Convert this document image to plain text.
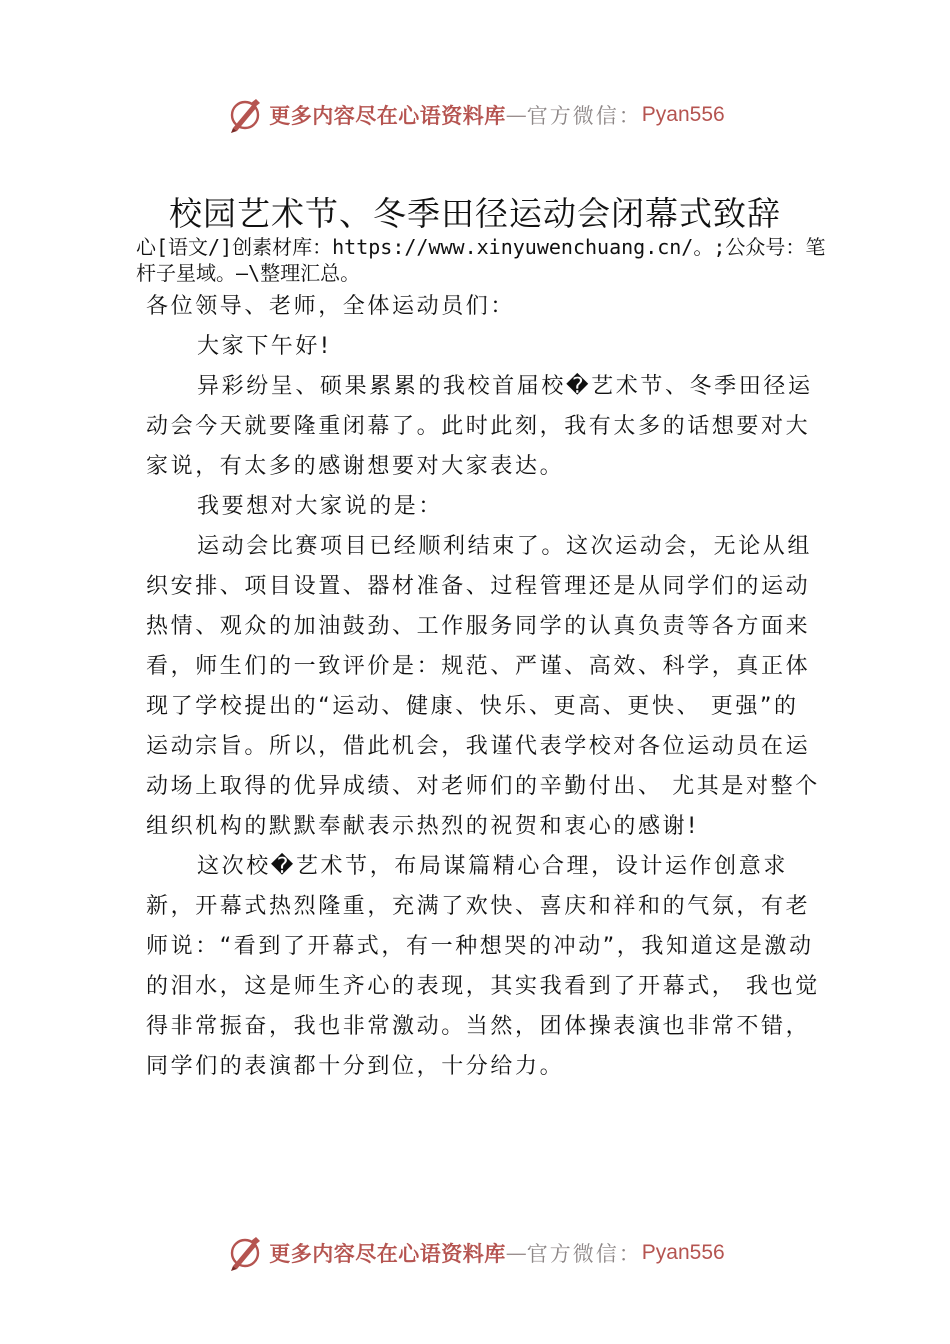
更多内容尽在心语资料库 — 官方微信： Pyan556
校园艺术节、冬季田径运动会闭幕式致辞
心[语文/]创素材库：https://www.xinyuwenchuang.cn/。;公众号：笔杆子星域。—\整理汇总。

各位领导、老师，全体运动员们：

大家下午好!

异彩纷呈、硕果累累的我校首届校�艺术节、冬季田径运动会今天就要隆重闭幕了。此时此刻，我有太多的话想要对大家说，有太多的感谢想要对大家表达。

我要想对大家说的是：

运动会比赛项目已经顺利结束了。这次运动会，无论从组织安排、项目设置、器材准备、过程管理还是从同学们的运动热情、观众的加油鼓劲、工作服务同学的认真负责等各方面来看，师生们的一致评价是：规范、严谨、高效、科学，真正体现了学校提出的“运动、健康、快乐、更高、更快、 更强”的运动宗旨。所以，借此机会，我谨代表学校对各位运动员在运动场上取得的优异成绩、对老师们的辛勤付出、 尤其是对整个组织机构的默默奉献表示热烈的祝贺和衷心的感谢!

这次校�艺术节，布局谋篇精心合理，设计运作创意求新，开幕式热烈隆重，充满了欢快、喜庆和祥和的气氛，有老师说：“看到了开幕式，有一种想哭的冲动”，我知道这是激动的泪水，这是师生齐心的表现，其实我看到了开幕式， 我也觉得非常振奋，我也非常激动。当然，团体操表演也非常不错，同学们的表演都十分到位，十分给力。

更多内容尽在心语资料库 — 官方微信： Pyan556
